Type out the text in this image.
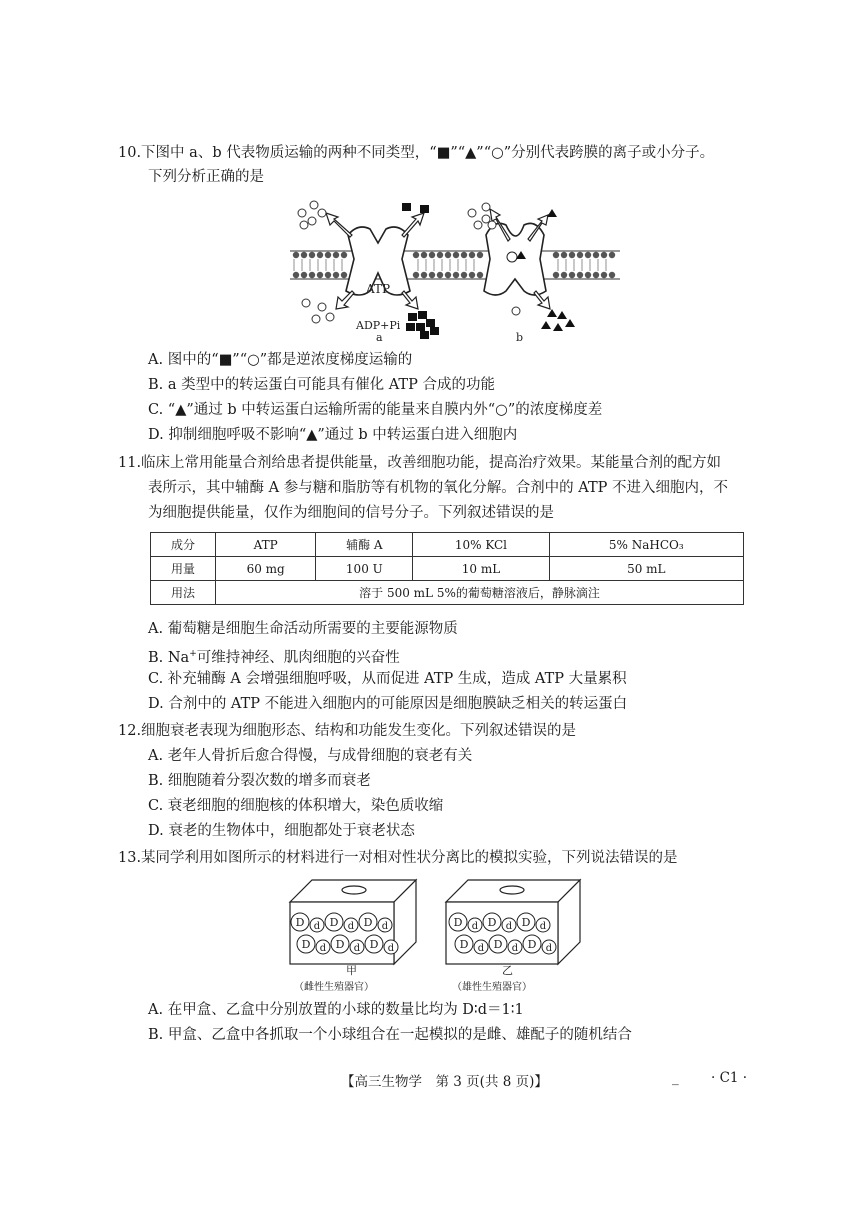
10.下图中 a、b 代表物质运输的两种不同类型，“■”“▲”“○”分别代表跨膜的离子或小分子。
下列分析正确的是
ATP
ADP+Pi
a	b
A. 图中的“■”“○”都是逆浓度梯度运输的
B. a 类型中的转运蛋白可能具有催化 ATP 合成的功能
C. “▲”通过 b 中转运蛋白运输所需的能量来自膜内外“○”的浓度梯度差
D. 抑制细胞呼吸不影响“▲”通过 b 中转运蛋白进入细胞内
11.临床上常用能量合剂给患者提供能量，改善细胞功能，提高治疗效果。某能量合剂的配方如
表所示，其中辅酶 A 参与糖和脂肪等有机物的氧化分解。合剂中的 ATP 不进入细胞内，不
为细胞提供能量，仅作为细胞间的信号分子。下列叙述错误的是
成分	ATP	辅酶 A	10% KCl	5% NaHCO₃
用量	60 mg	100 U	10 mL	50 mL
用法	溶于 500 mL 5%的葡萄糖溶液后，静脉滴注			
A. 葡萄糖是细胞生命活动所需要的主要能源物质
B. Na+可维持神经、肌肉细胞的兴奋性
C. 补充辅酶 A 会增强细胞呼吸，从而促进 ATP 生成，造成 ATP 大量累积
D. 合剂中的 ATP 不能进入细胞内的可能原因是细胞膜缺乏相关的转运蛋白
12.细胞衰老表现为细胞形态、结构和功能发生变化。下列叙述错误的是
A. 老年人骨折后愈合得慢，与成骨细胞的衰老有关
B. 细胞随着分裂次数的增多而衰老
C. 衰老细胞的细胞核的体积增大，染色质收缩
D. 衰老的生物体中，细胞都处于衰老状态
13.某同学利用如图所示的材料进行一对相对性状分离比的模拟实验，下列说法错误的是
D d D d D d
D d D d D d
D d D d D d
D d D d D d
甲
（雌性生殖器官）
乙
（雄性生殖器官）
A. 在甲盒、乙盒中分别放置的小球的数量比均为 D∶d＝1∶1
B. 甲盒、乙盒中各抓取一个小球组合在一起模拟的是雌、雄配子的随机结合
【高三生物学　第 3 页(共 8 页)】	_ · C1 ·
